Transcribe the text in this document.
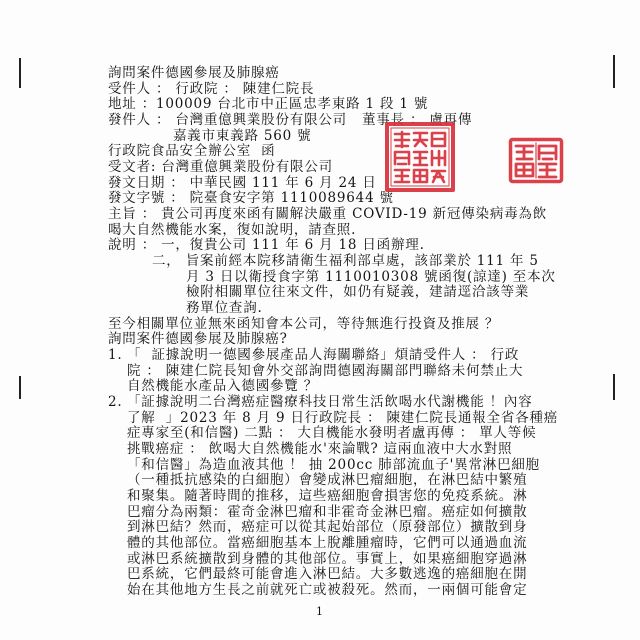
詢問案件德國參展及肺腺癌
受件人 ： 行政院 ： 陳建仁院長
地址 ：100009 台北市中正區忠孝東路 1 段 1 號
發件人 ： 台灣重億興業股份有限公司 董事長 ： 盧再傳
嘉義市東義路 560 號
行政院食品安全辦公室  函
受文者: 台灣重億興業股份有限公司
發文日期 ： 中華民國 111 年 6 月 24 日
發文字號 ： 院臺食安字第 1110089644 號
主旨 ： 貴公司再度來函有關解決嚴重 COVID-19 新冠傳染病毒為飲
喝大自然機能水案，復如說明，請查照.
說明 ： 一，復貴公司 111 年 6 月 18 日函辦理.
二， 旨案前經本院移請衛生福利部卓處，該部業於 111 年 5
月 3 日以衛授食字第 1110010308 號函復(諒達) 至本次
檢附相關單位往來文件，如仍有疑義，建請逕洽該等業
務單位查詢.
至今相關單位並無來函知會本公司，等待無進行投資及推展 ？
詢問案件德國參展及肺腺癌?
1. 「  証據說明一德國參展產品人海關聯絡」煩請受件人 ： 行政
院 ： 陳建仁院長知會外交部詢問德國海關部門聯絡未何禁止大
自然機能水產品入德國參覽 ？
2. 「証據說明二台灣癌症醫療科技日常生活飲喝水代謝機能 ！內容
了解  」2023 年 8 月 9 日行政院長 ： 陳建仁院長通報全省各種癌
症專家至(和信醫) 二點 ： 大自機能水發明者盧再傳 ： 單人等候
挑戰癌症 ： 飲喝大自然機能水'來論戰? 這兩血液中大水對照
「和信醫」為造血液其他 ！ 抽 200cc 肺部流血子'異常淋巴細胞
（一種抵抗感染的白細胞）會變成淋巴瘤細胞，在淋巴結中繁殖
和聚集。隨著時間的推移，這些癌細胞會損害您的免疫系統。淋
巴瘤分為兩類：霍奇金淋巴瘤和非霍奇金淋巴瘤。癌症如何擴散
到淋巴結？然而，癌症可以從其起始部位（原發部位）擴散到身
體的其他部位。當癌細胞基本上脫離腫瘤時，它們可以通過血流
或淋巴系統擴散到身體的其他部位。事實上，如果癌細胞穿過淋
巴系統，它們最終可能會進入淋巴結。大多數逃逸的癌細胞在開
始在其他地方生長之前就死亡或被殺死。然而，一兩個可能會定
1
